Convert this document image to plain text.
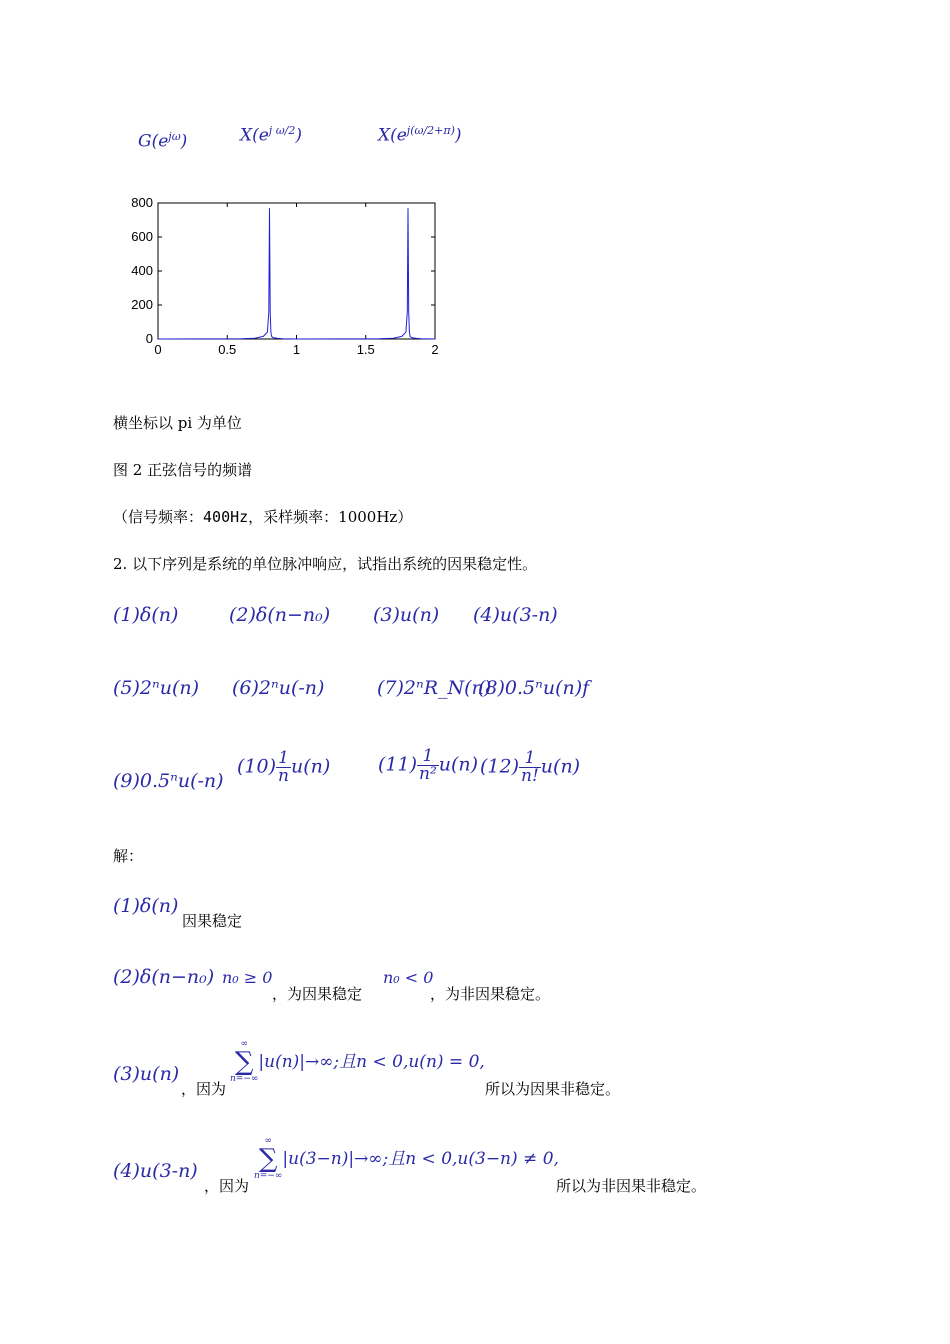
$G(e^{j\omega})$	$X(e^{j \omega/2})$	$X(e^{j(\omega/2+\pi)})$
0
200
400
600
800
0	0.5	1	1.5	2
横坐标以 pi 为单位
图 2 正弦信号的频谱
（信号频率：400Hz，采样频率：1000Hz）
2. 以下序列是系统的单位脉冲响应，试指出系统的因果稳定性。
(1)δ(n)	(2)δ(n−n₀) (3)u(n) (4)u(3-n)
(5)2ⁿu(n) (6)2ⁿu(-n)	(7)2ⁿR_N(n)
(8)0.5ⁿu(n)f
(9)0.5ⁿu(-n)
$(10) \frac{1}{n} u(n)$	$(11) \frac{1}{\text{n²}} u(n)$ $(12) \frac{1}{n!} u(n)$
解：
(1)δ(n)
因果稳定
(2)δ(n−n₀) n₀ ≥ 0
，为因果稳定
n₀ < 0
，为非因果稳定。
(3)u(n)
，因为
∞
∑
n=−∞
|u(n)|→∞;且n < 0,u(n) = 0,
所以为因果非稳定。
(4)u(3-n)
，因为
∞
∑
n=−∞
|u(3−n)|→∞;且n < 0,u(3−n) ≠ 0,
所以为非因果非稳定。
